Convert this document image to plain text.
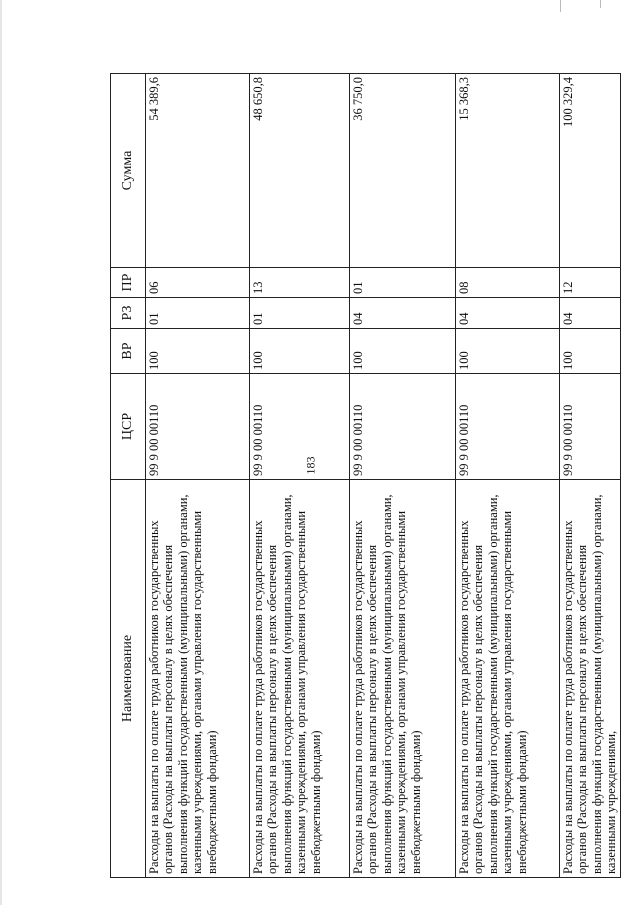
183
Наименование	ЦСР	ВР	РЗ	ПР	Сумма
Расходы на выплаты по оплате труда работников государственных органов (Расходы на выплаты персоналу в целях обеспечения выполнения функций государственными (муниципальными) органами, казенными учреждениями, органами управления государственными внебюджетными фондами)	99 9 00 00110	100	01	06	54 389,6
Расходы на выплаты по оплате труда работников государственных органов (Расходы на выплаты персоналу в целях обеспечения выполнения функций государственными (муниципальными) органами, казенными учреждениями, органами управления государственными внебюджетными фондами)	99 9 00 00110	100	01	13	48 650,8
Расходы на выплаты по оплате труда работников государственных органов (Расходы на выплаты персоналу в целях обеспечения выполнения функций государственными (муниципальными) органами, казенными учреждениями, органами управления государственными внебюджетными фондами)	99 9 00 00110	100	04	01	36 750,0
Расходы на выплаты по оплате труда работников государственных органов (Расходы на выплаты персоналу в целях обеспечения выполнения функций государственными (муниципальными) органами, казенными учреждениями, органами управления государственными внебюджетными фондами)	99 9 00 00110	100	04	08	15 368,3
Расходы на выплаты по оплате труда работников государственных органов (Расходы на выплаты персоналу в целях обеспечения выполнения функций государственными (муниципальными) органами, казенными учреждениями,	99 9 00 00110	100	04	12	100 329,4
